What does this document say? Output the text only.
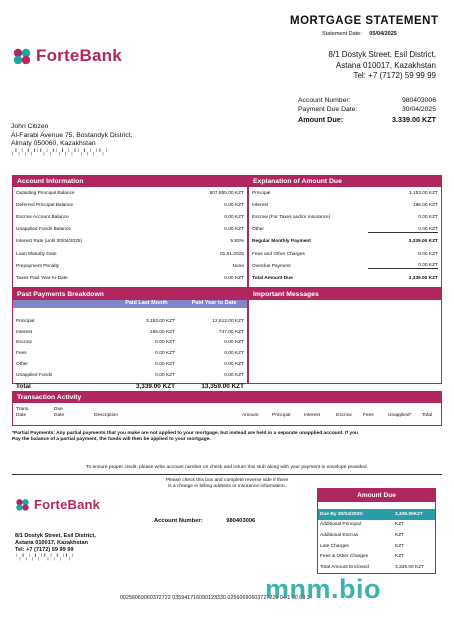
MORTGAGE STATEMENT
Statement Date: 05/04/2025
ForteBank	8/1 Dostyk Street, Esil District,
Astana 010017, Kazakhstan
Tel: +7 (7172) 59 99 99
Account Number:	980403006
Payment Due Date:	30/04/2025
Amount Due:	3.339.00 KZT
John Citizen
Al-Farabi Avenue 75, Bostandyk District,
Almaty 050060, Kazakhstan
╷╹╷╵╷╹╷╹╵╹╷╵╷╹╵╷╹╷╵╷╹╵╷╹╷╵╷╵╹╷╵
Account Information
Outsiding Principal Balance	507,855.00 KZT
Deferred Principal Balance	0.00 KZT
Escrow Account Balance	0.00 KZT
Unapplied Funds Balance	0.00 KZT
Interest Rate (until 30/04/2025)	5.93%
Loan Maturity Date	01.01.2025
Prepayment Penalty	None
Taxes Paid Year-to-Date	0.00 KZT
Explanation of Amount Due
Principal	3,153.00 KZT
Interest	186.00 KZT
Escrow (For Taxes and/or insurance)	0.00 KZT
Other	0.00 KZT
Regular Monthly Payment	3,339.00 KZT
Fees and Other Charges	0.00 KZT
Overdue Payment	0.00 KZT
Total Amount Due	3,339.00 KZT
Past Payments Breakdown
Paid Last Month	Paid Year to Date
Principal	3,153.00 KZT	12,612.00 KZT
Interest	186.00 KZT	747.00 KZT
Escrow	0.00 KZT	0.00 KZT
Fees	0.00 KZT	0.00 KZT
Other	0.00 KZT	0.00 KZT
Unapplied Funds	0.00 KZT	0.00 KZT
Total	3,339.00 KZT	13,359.00 KZT
Important Messages
Transaction Activity
Trans.
Date
Due
Date	Description	Amount	Principal	Interest	Escrow	Fees	Unapplied*	Total
*Partial Payments: Any partial payments that you make are not applied to your mortgage, but instead are held in a separate unapplied account. If you
Pay the balance of a partial payment, the funds will then be applied to your mortgage.
To ensure proper credit, please write account number on check and return this stub along with your payment in envelope provided.
Please check this box and complete reverse side if there
is a change in billing address or insurance information.
ForteBank
Account Number:	980403006
8/1 Dostyk Street, Esil District,
Astana 010017, Kazakhstan
Tel: +7 (7172) 59 99 99
╵╷╹╷╵╷╹╷╵╹╷╵╷╹╷╵╹╷╵
Amount Due
Due By 30/04/2025:	3,339.00KZT
Additional Principal	KZT
Additional Escrow	KZT
Late Charges	KZT
Fees & Other Charges	KZT
Total Amount Enclosed	3,339.00 KZT
00256069060372722 035941716090123330 02560690603727220 04 1 00 03 3
mnm.bio
